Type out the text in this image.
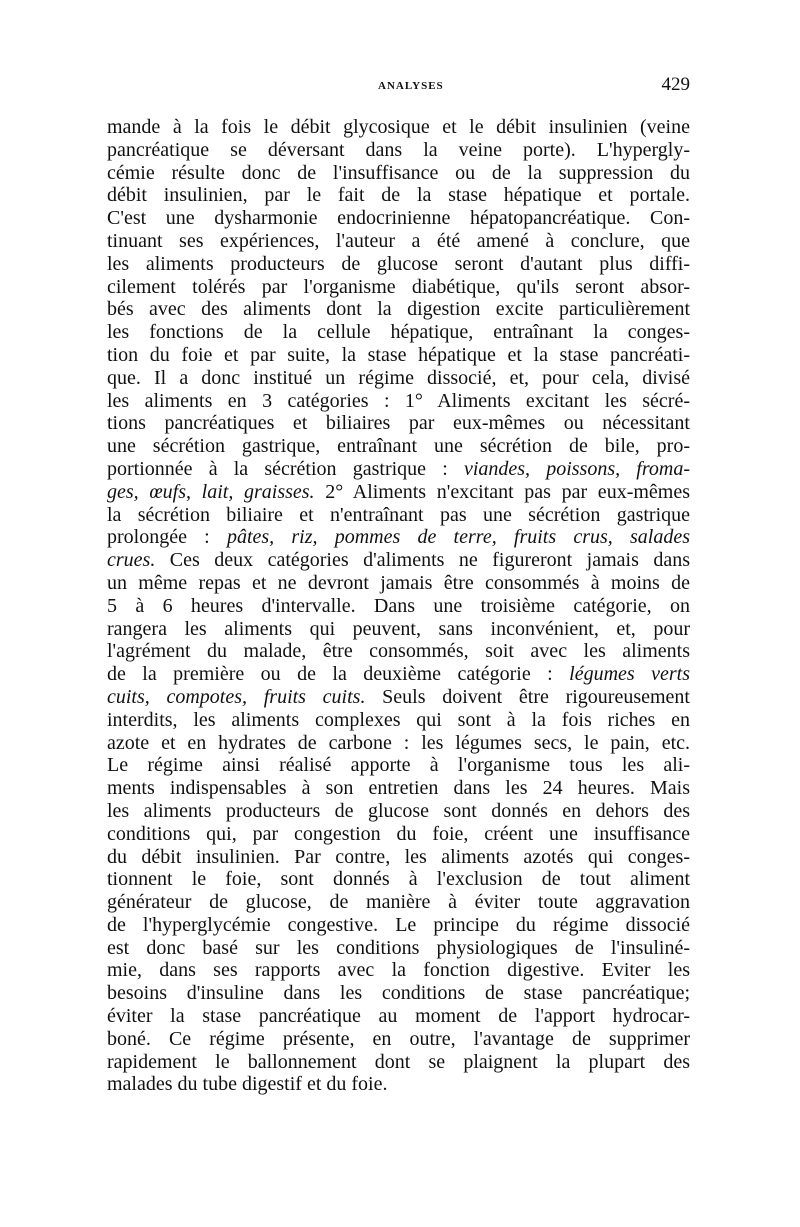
ANALYSES	429
mande à la fois le débit glycosique et le débit insulinien (veine
pancréatique se déversant dans la veine porte). L'hypergly-
cémie résulte donc de l'insuffisance ou de la suppression du
débit insulinien, par le fait de la stase hépatique et portale.
C'est une dysharmonie endocrinienne hépatopancréatique. Con-
tinuant ses expériences, l'auteur a été amené à conclure, que
les aliments producteurs de glucose seront d'autant plus diffi-
cilement tolérés par l'organisme diabétique, qu'ils seront absor-
bés avec des aliments dont la digestion excite particulièrement
les fonctions de la cellule hépatique, entraînant la conges-
tion du foie et par suite, la stase hépatique et la stase pancréati-
que. Il a donc institué un régime dissocié, et, pour cela, divisé
les aliments en 3 catégories : 1° Aliments excitant les sécré-
tions pancréatiques et biliaires par eux-mêmes ou nécessitant
une sécrétion gastrique, entraînant une sécrétion de bile, pro-
portionnée à la sécrétion gastrique : viandes, poissons, froma-
ges, œufs, lait, graisses. 2° Aliments n'excitant pas par eux-mêmes
la sécrétion biliaire et n'entraînant pas une sécrétion gastrique
prolongée : pâtes, riz, pommes de terre, fruits crus, salades
crues. Ces deux catégories d'aliments ne figureront jamais dans
un même repas et ne devront jamais être consommés à moins de
5 à 6 heures d'intervalle. Dans une troisième catégorie, on
rangera les aliments qui peuvent, sans inconvénient, et, pour
l'agrément du malade, être consommés, soit avec les aliments
de la première ou de la deuxième catégorie : légumes verts
cuits, compotes, fruits cuits. Seuls doivent être rigoureusement
interdits, les aliments complexes qui sont à la fois riches en
azote et en hydrates de carbone : les légumes secs, le pain, etc.
Le régime ainsi réalisé apporte à l'organisme tous les ali-
ments indispensables à son entretien dans les 24 heures. Mais
les aliments producteurs de glucose sont donnés en dehors des
conditions qui, par congestion du foie, créent une insuffisance
du débit insulinien. Par contre, les aliments azotés qui conges-
tionnent le foie, sont donnés à l'exclusion de tout aliment
générateur de glucose, de manière à éviter toute aggravation
de l'hyperglycémie congestive. Le principe du régime dissocié
est donc basé sur les conditions physiologiques de l'insuliné-
mie, dans ses rapports avec la fonction digestive. Eviter les
besoins d'insuline dans les conditions de stase pancréatique;
éviter la stase pancréatique au moment de l'apport hydrocar-
boné. Ce régime présente, en outre, l'avantage de supprimer
rapidement le ballonnement dont se plaignent la plupart des
malades du tube digestif et du foie.
